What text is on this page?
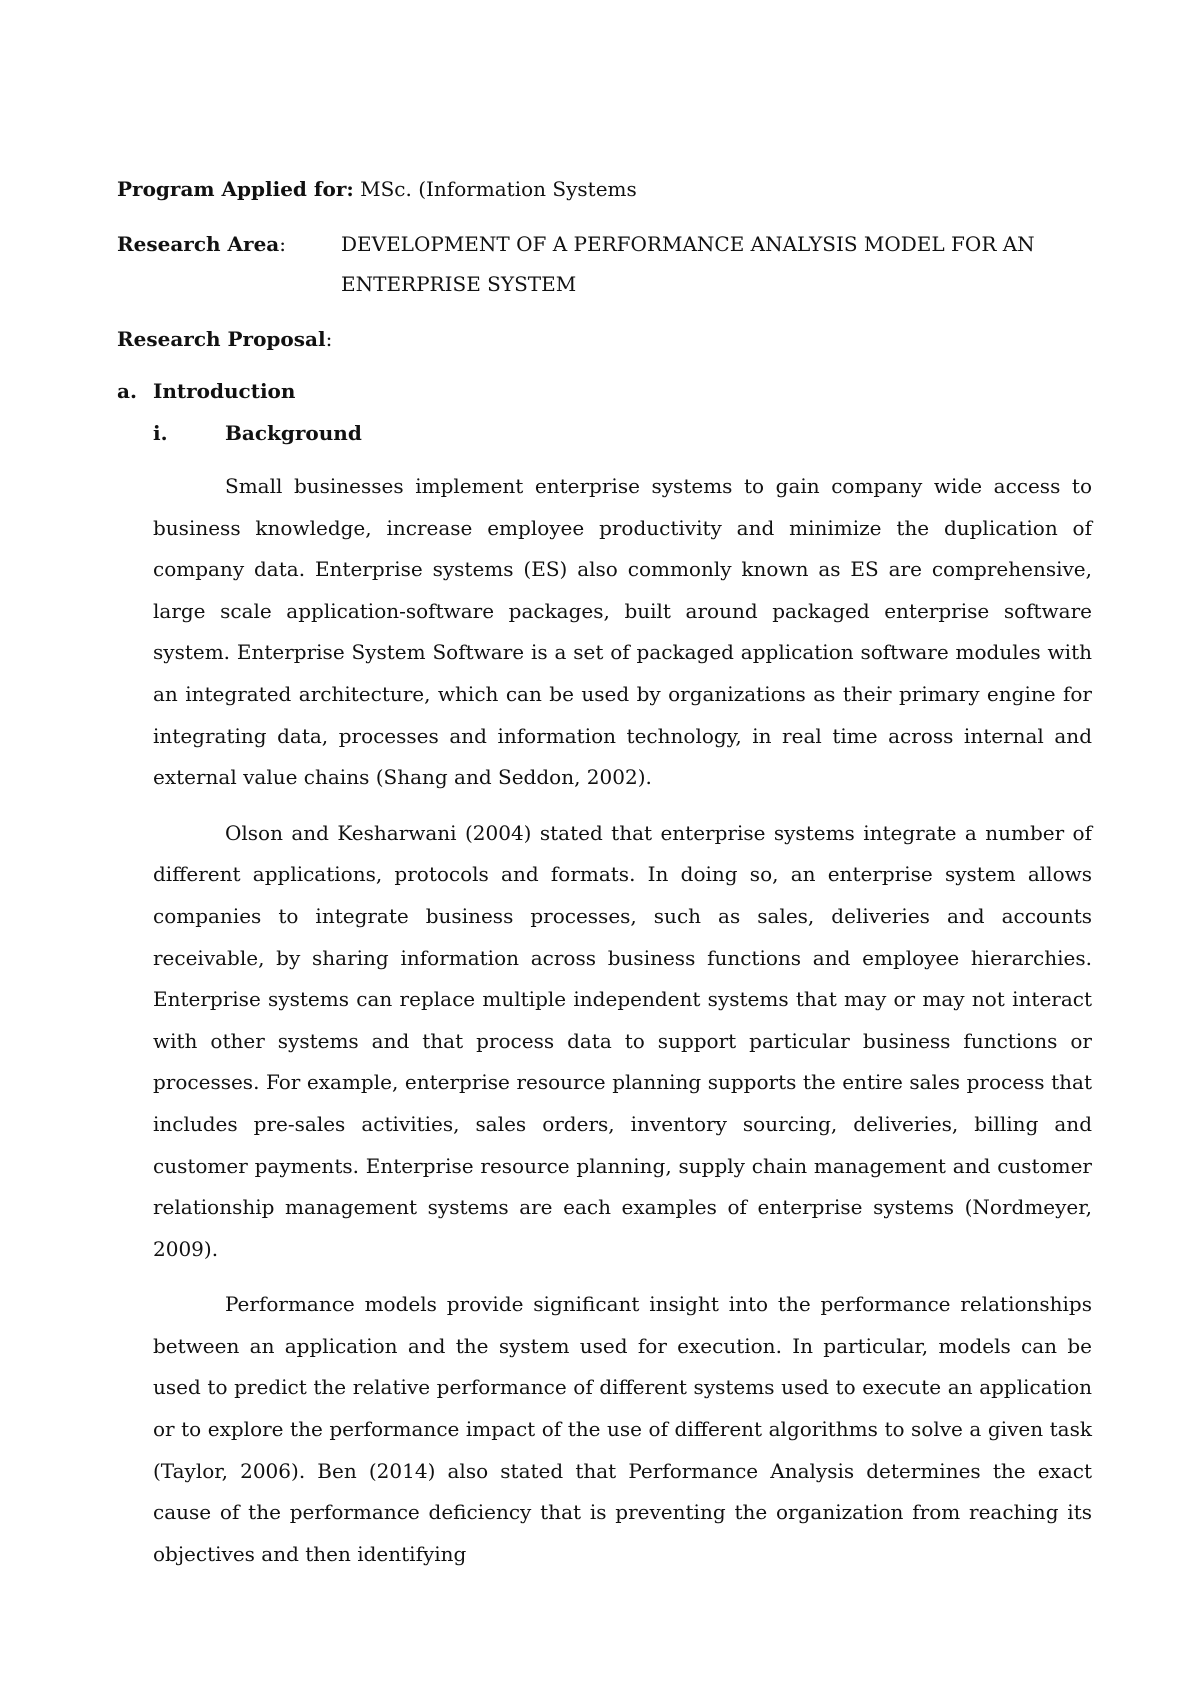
Program Applied for: MSc. (Information Systems
Research Area:	DEVELOPMENT OF A PERFORMANCE ANALYSIS MODEL FOR AN ENTERPRISE SYSTEM
Research Proposal:
a. Introduction
i.	Background

Small businesses implement enterprise systems to gain company wide access to business knowledge, increase employee productivity and minimize the duplication of company data. Enterprise systems (ES) also commonly known as ES are comprehensive, large scale application-software packages, built around packaged enterprise software system. Enterprise System Software is a set of packaged application software modules with an integrated architecture, which can be used by organizations as their primary engine for integrating data, processes and information technology, in real time across internal and external value chains (Shang and Seddon, 2002).

Olson and Kesharwani (2004) stated that enterprise systems integrate a number of different applications, protocols and formats. In doing so, an enterprise system allows companies to integrate business processes, such as sales, deliveries and accounts receivable, by sharing information across business functions and employee hierarchies. Enterprise systems can replace multiple independent systems that may or may not interact with other systems and that process data to support particular business functions or processes. For example, enterprise resource planning supports the entire sales process that includes pre-sales activities, sales orders, inventory sourcing, deliveries, billing and customer payments. Enterprise resource planning, supply chain management and customer relationship management systems are each examples of enterprise systems (Nordmeyer, 2009).

Performance models provide significant insight into the performance relationships between an application and the system used for execution. In particular, models can be used to predict the relative performance of different systems used to execute an application or to explore the performance impact of the use of different algorithms to solve a given task (Taylor, 2006). Ben (2014) also stated that Performance Analysis determines the exact cause of the performance deficiency that is preventing the organization from reaching its objectives and then identifying
